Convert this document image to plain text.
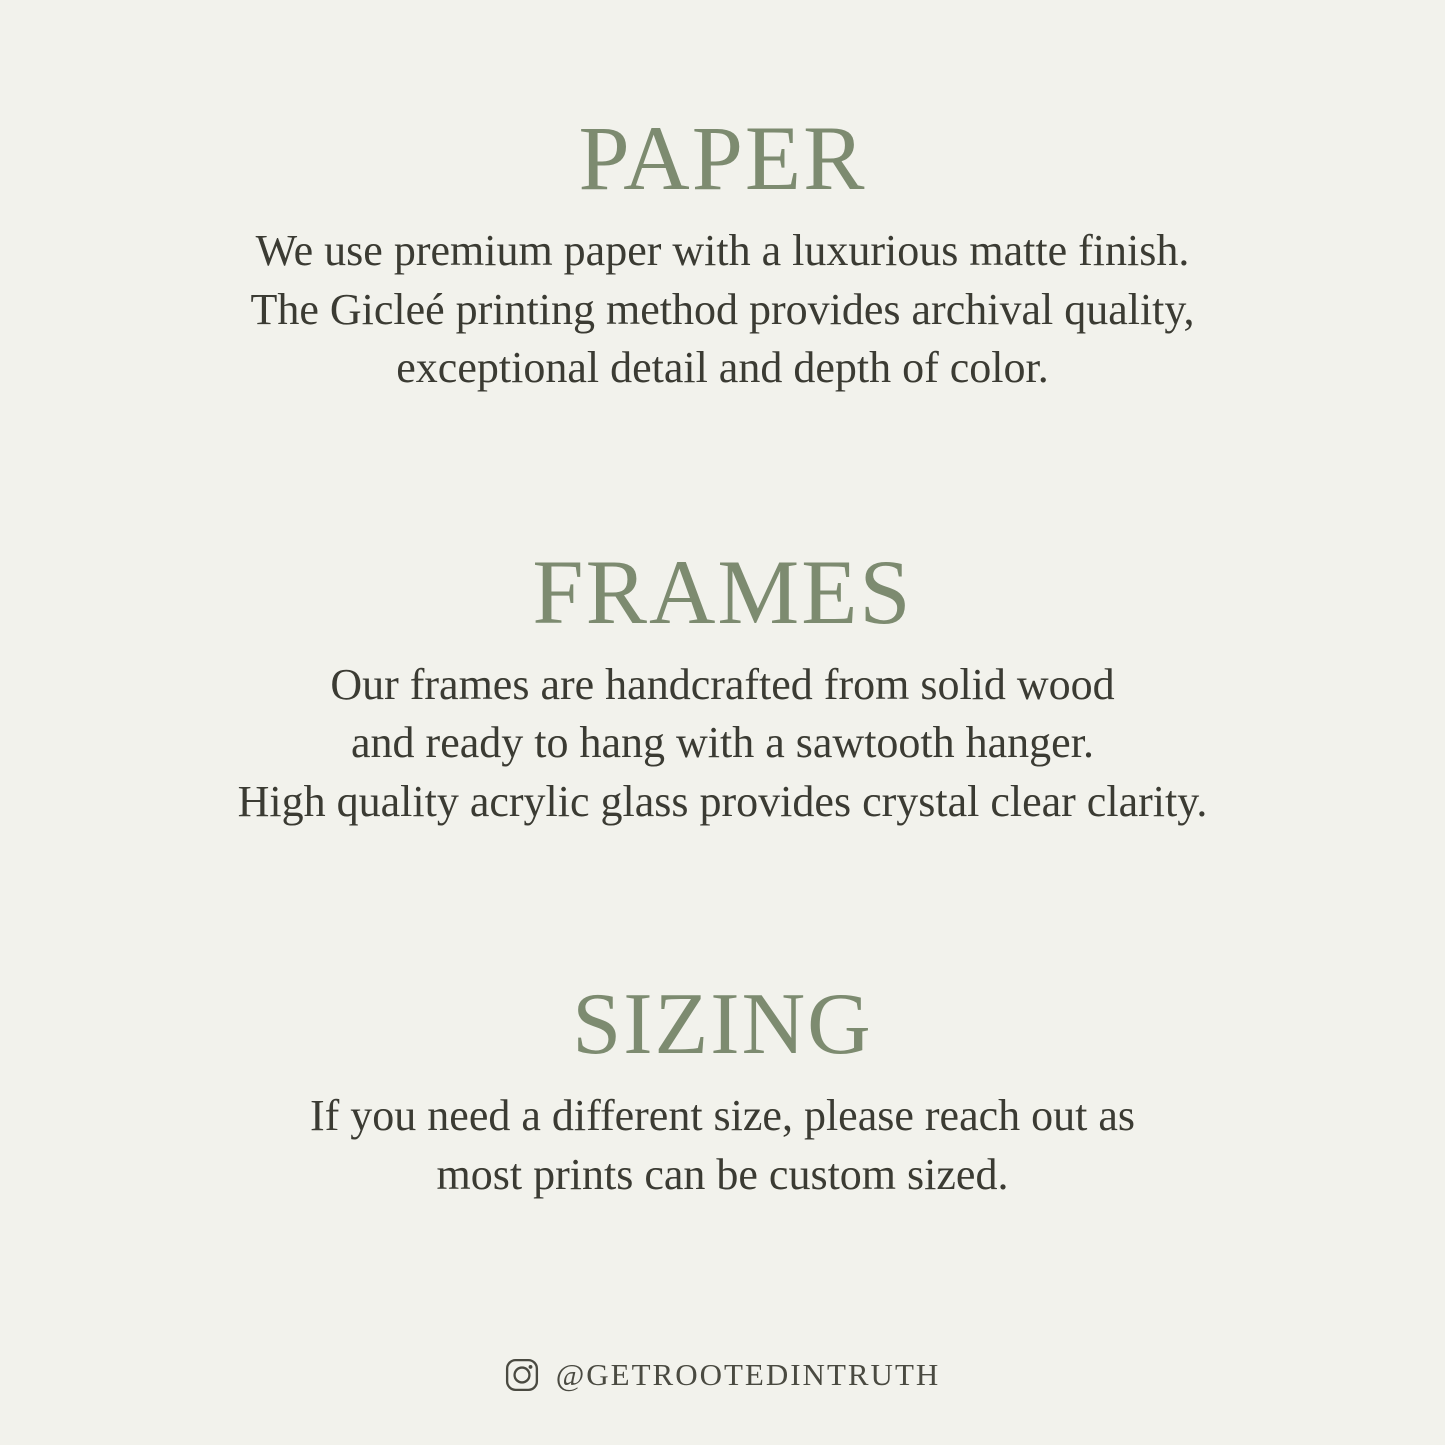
PAPER

We use premium paper with a luxurious matte finish.
The Gicleé printing method provides archival quality,
exceptional detail and depth of color.

FRAMES

Our frames are handcrafted from solid wood
and ready to hang with a sawtooth hanger.
High quality acrylic glass provides crystal clear clarity.

SIZING

If you need a different size, please reach out as
most prints can be custom sized.

@GETROOTEDINTRUTH
